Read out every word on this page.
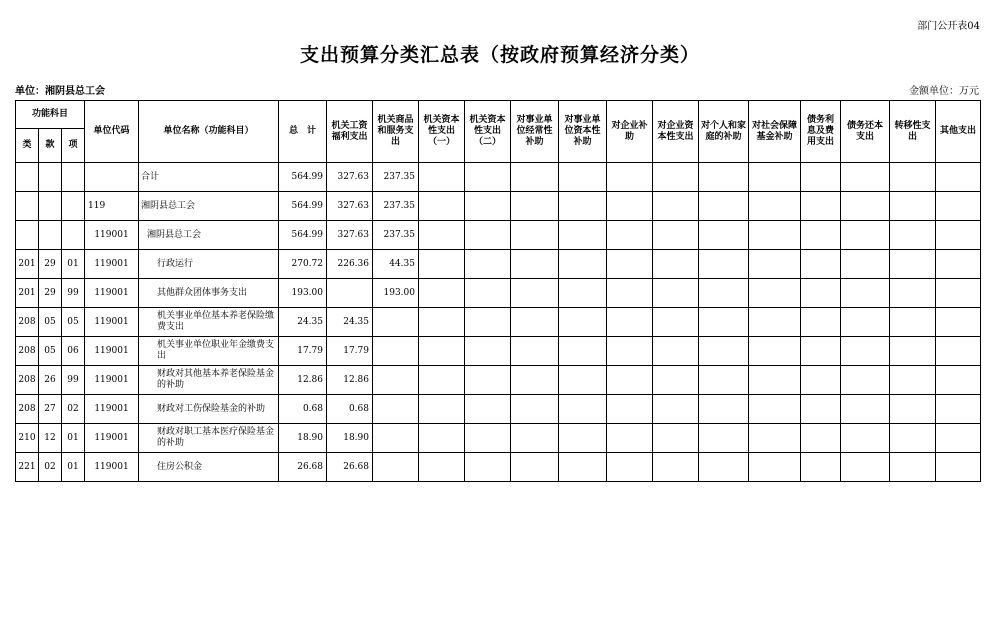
部门公开表04
支出预算分类汇总表（按政府预算经济分类）
单位：湘阴县总工会	金额单位：万元
功能科目			单位代码	单位名称（功能科目）	总　计	机关工资福利支出	机关商品和服务支出	机关资本性支出（一）	机关资本性支出（二）	对事业单位经常性补助	对事业单位资本性补助	对企业补助	对企业资本性支出	对个人和家庭的补助	对社会保障基金补助	债务利息及费用支出	债务还本支出	转移性支出	其他支出
类	款	项																	
				合计	564.99	327.63	237.35												
			119	湘阴县总工会	564.99	327.63	237.35												
			119001	湘阴县总工会	564.99	327.63	237.35												
201	29	01	119001	行政运行	270.72	226.36	44.35												
201	29	99	119001	其他群众团体事务支出	193.00		193.00												
208	05	05	119001	机关事业单位基本养老保险缴费支出	24.35	24.35													
208	05	06	119001	机关事业单位职业年金缴费支出	17.79	17.79													
208	26	99	119001	财政对其他基本养老保险基金的补助	12.86	12.86													
208	27	02	119001	财政对工伤保险基金的补助	0.68	0.68													
210	12	01	119001	财政对职工基本医疗保险基金的补助	18.90	18.90													
221	02	01	119001	住房公积金	26.68	26.68													
